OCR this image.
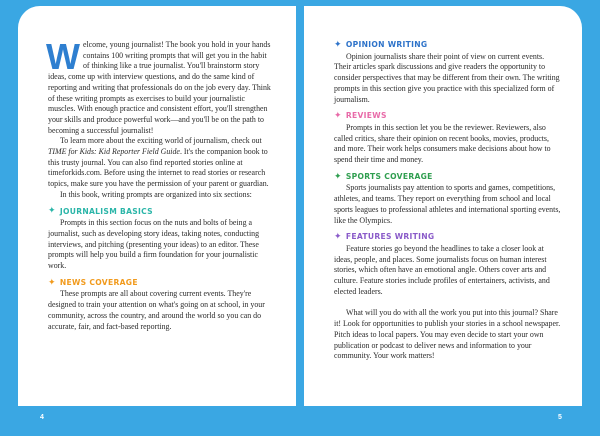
Welcome, young journalist! The book you hold in your hands contains 100 writing prompts that will get you in the habit of thinking like a true journalist. You'll brainstorm story ideas, come up with interview questions, and do the same kind of reporting and writing that professionals do on the job every day. Think of these writing prompts as exercises to build your journalistic muscles. With enough practice and consistent effort, you'll strengthen your skills and produce powerful work—and you'll be on the path to becoming a successful journalist!

To learn more about the exciting world of journalism, check out TIME for Kids: Kid Reporter Field Guide. It's the companion book to this trusty journal. You can also find reported stories online at timeforkids.com. Before using the internet to read stories or research topics, make sure you have the permission of your parent or guardian.

In this book, writing prompts are organized into six sections:

✦ JOURNALISM BASICS

Prompts in this section focus on the nuts and bolts of being a journalist, such as developing story ideas, taking notes, conducting interviews, and pitching (presenting your ideas) to an editor. These prompts will help you build a firm foundation for your journalistic work.

✦ NEWS COVERAGE

These prompts are all about covering current events. They're designed to train your attention on what's going on at school, in your community, across the country, and around the world so you can do accurate, fair, and fact-based reporting.

✦ OPINION WRITING

Opinion journalists share their point of view on current events. Their articles spark discussions and give readers the opportunity to consider perspectives that may be different from their own. The writing prompts in this section give you practice with this specialized form of journalism.

✦ REVIEWS

Prompts in this section let you be the reviewer. Reviewers, also called critics, share their opinion on recent books, movies, products, and more. Their work helps consumers make decisions about how to spend their time and money.

✦ SPORTS COVERAGE

Sports journalists pay attention to sports and games, competitions, athletes, and teams. They report on everything from school and local sports leagues to professional athletes and international sporting events, like the Olympics.

✦ FEATURES WRITING

Feature stories go beyond the headlines to take a closer look at ideas, people, and places. Some journalists focus on human interest stories, which often have an emotional angle. Others cover arts and culture. Feature stories include profiles of entertainers, activists, and elected leaders.

What will you do with all the work you put into this journal? Share it! Look for opportunities to publish your stories in a school newspaper. Pitch ideas to local papers. You may even decide to start your own publication or podcast to deliver news and information to your community. Your work matters!

4	5
